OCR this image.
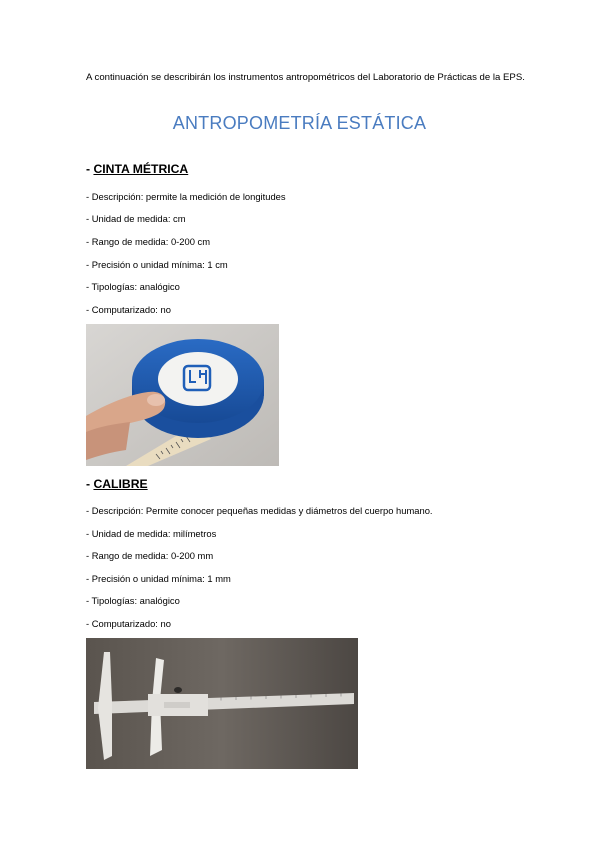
A continuación se describirán los instrumentos antropométricos del Laboratorio de Prácticas de la EPS.
ANTROPOMETRÍA ESTÁTICA
- CINTA MÉTRICA
- Descripción: permite la medición de longitudes
- Unidad de medida: cm
- Rango de medida: 0-200 cm
- Precisión o unidad mínima: 1 cm
- Tipologías: analógico
- Computarizado: no
- CALIBRE
- Descripción: Permite conocer pequeñas medidas y diámetros del cuerpo humano.
- Unidad de medida: milímetros
- Rango de medida: 0-200 mm
- Precisión o unidad mínima: 1 mm
- Tipologías: analógico
- Computarizado: no
